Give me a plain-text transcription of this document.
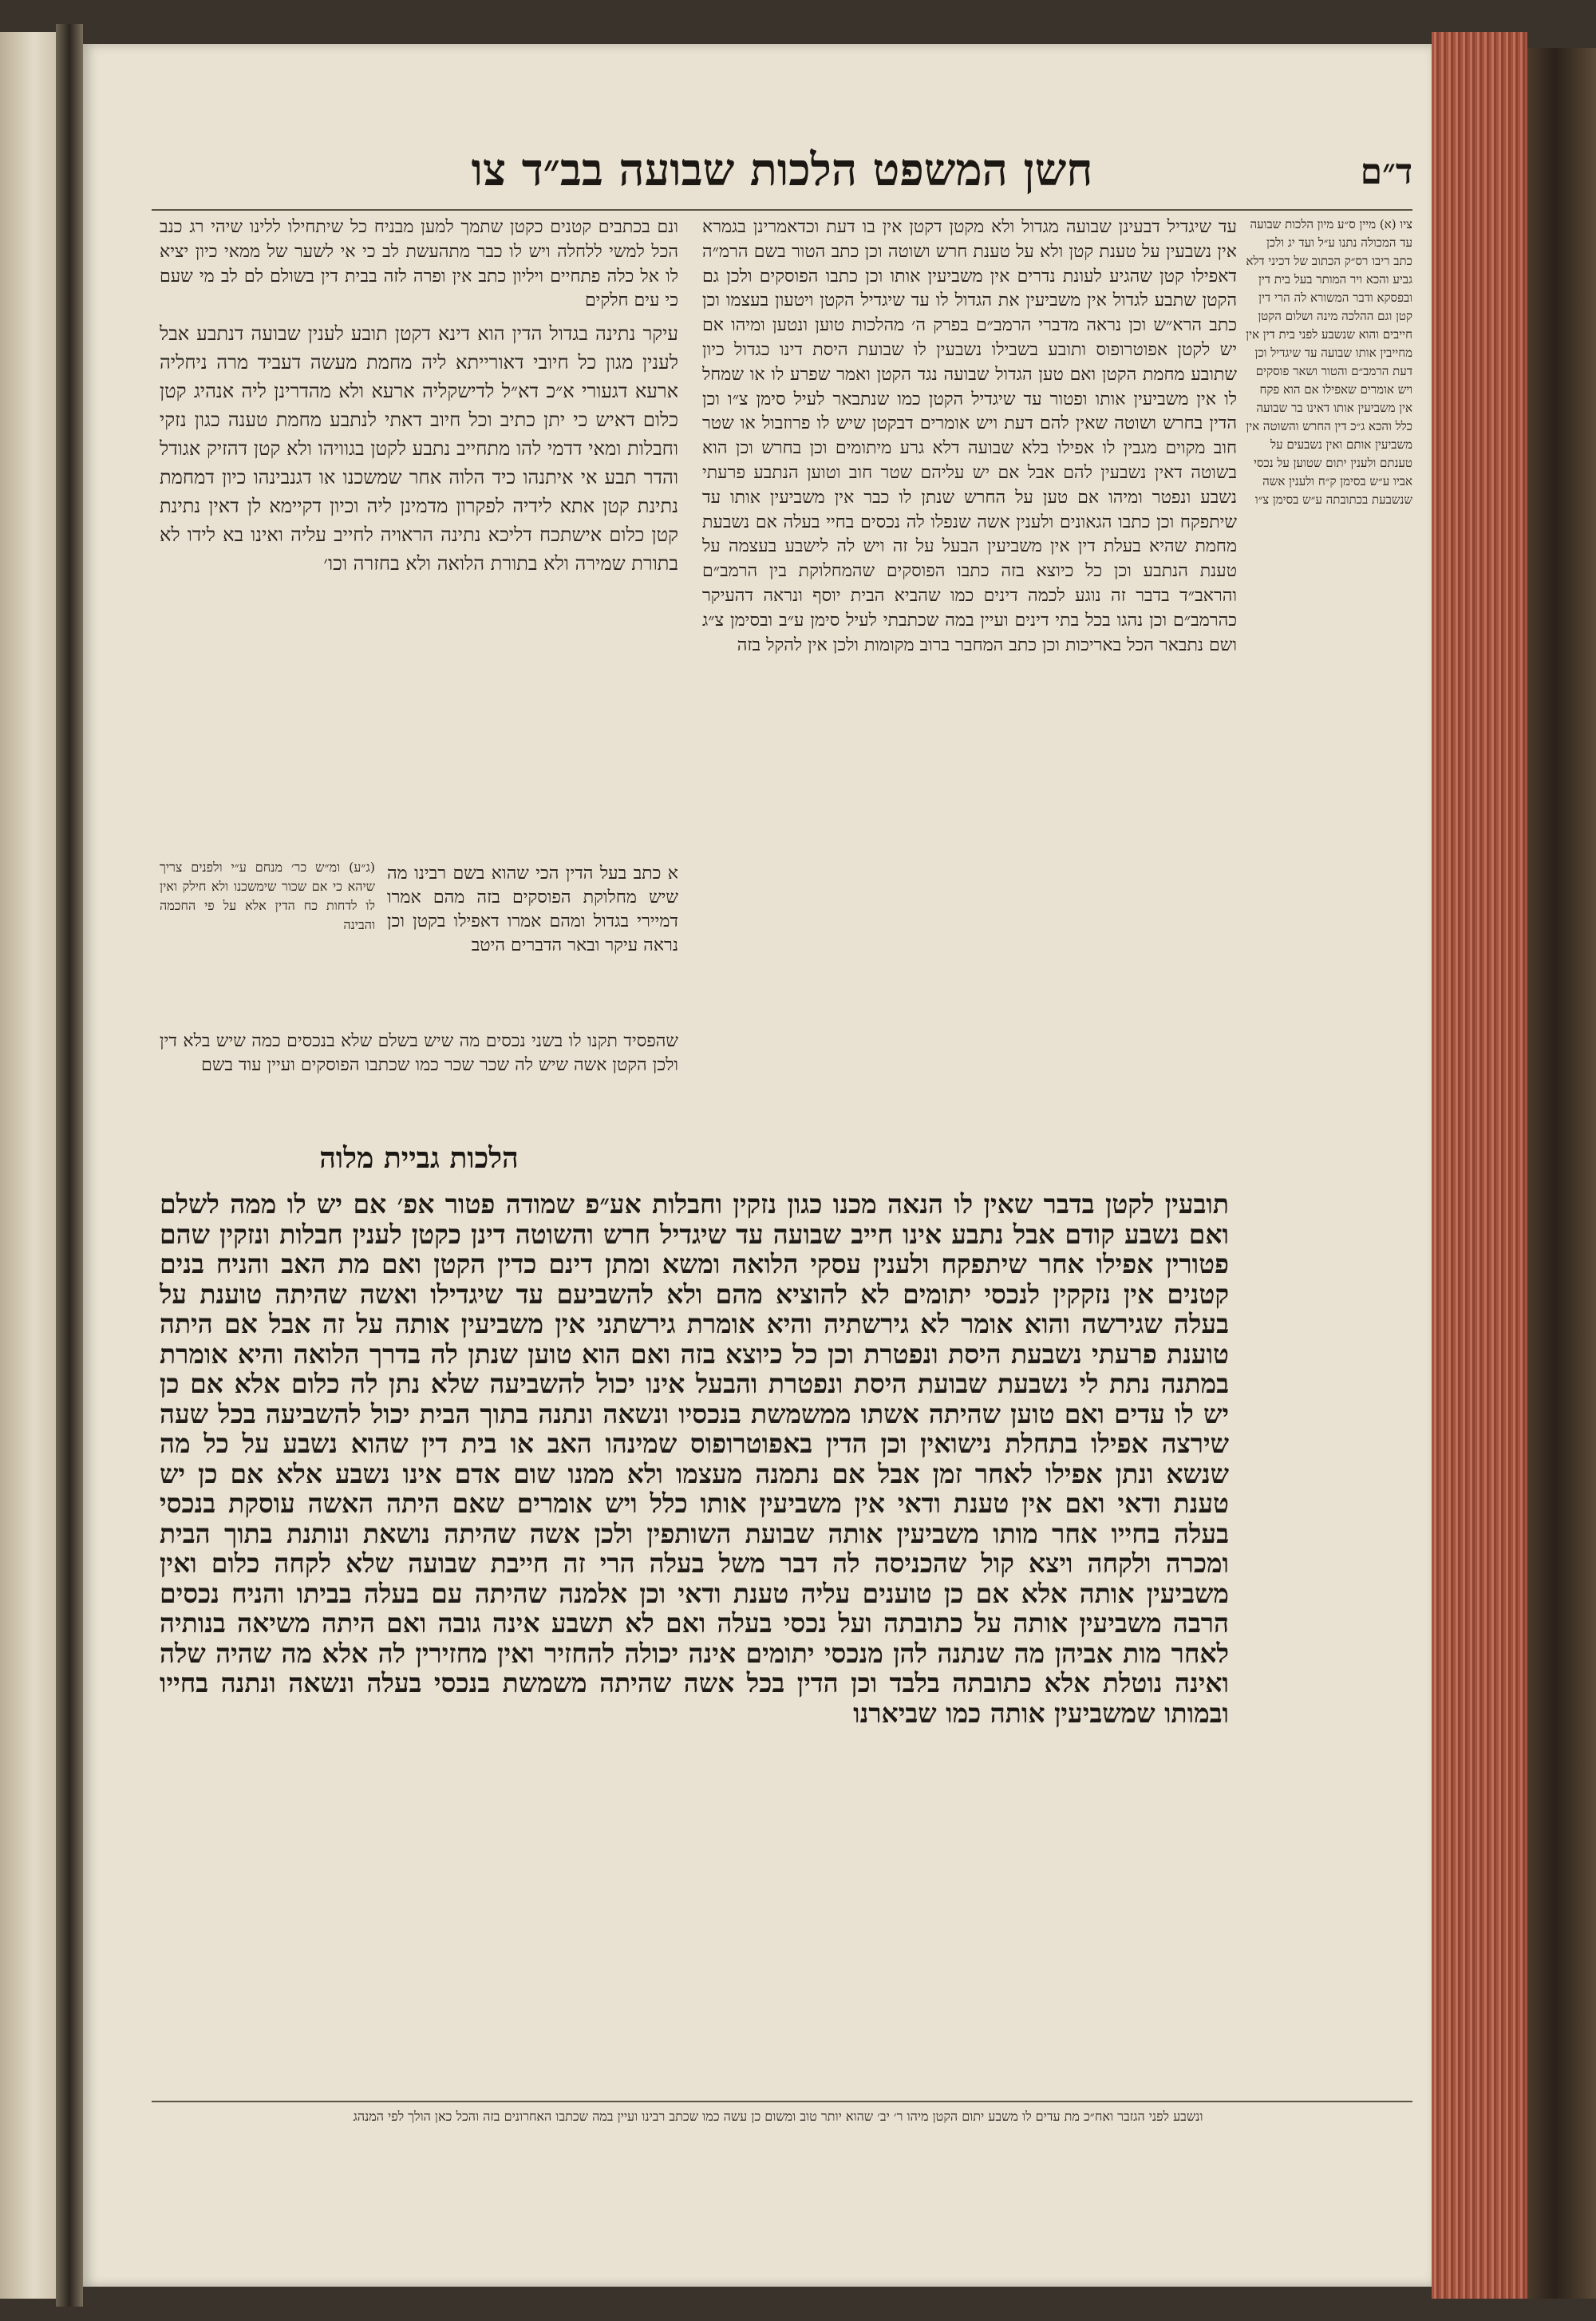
ד״ם
חשן המשפט הלכות שבועה בב״ד צו

ציו (א) מיין ס״ע מיון הלכות שבועה עד המכולה נתנו ע״ל ועד יג ולכן כתב ריבו רס״ק הכתוב של דכיני דלא גביע והכא ויר המותר בעל בית דין ובפסקא ודבר המשורא לה הרי דין קטן וגם ההלכה מינה ושלום הקטן חייבים והוא שנשבע לפני בית דין אין מחייבין אותו שבועה עד שיגדיל וכן דעת הרמב״ם והטור ושאר פוסקים ויש אומרים שאפילו אם הוא פקח אין משביעין אותו דאינו בר שבועה כלל והכא ג״כ דין החרש והשוטה אין משביעין אותם ואין נשבעים על טענתם ולענין יתום שטוען על נכסי אביו ע״ש בסימן ק״ח ולענין אשה שנשבעת בכתובתה ע״ש בסימן צ״ו

עד שיגדיל דבעינן שבועה מגדול ולא מקטן דקטן אין בו דעת וכדאמרינן בגמרא אין נשבעין על טענת קטן ולא על טענת חרש ושוטה וכן כתב הטור בשם הרמ״ה דאפילו קטן שהגיע לעונת נדרים אין משביעין אותו וכן כתבו הפוסקים ולכן גם הקטן שתבע לגדול אין משביעין את הגדול לו עד שיגדיל הקטן ויטעון בעצמו וכן כתב הרא״ש וכן נראה מדברי הרמב״ם בפרק ה׳ מהלכות טוען ונטען ומיהו אם יש לקטן אפוטרופוס ותובע בשבילו נשבעין לו שבועת היסת דינו כגדול כיון שתובע מחמת הקטן ואם טען הגדול שבועה נגד הקטן ואמר שפרע לו או שמחל לו אין משביעין אותו ופטור עד שיגדיל הקטן כמו שנתבאר לעיל סימן צ״ו וכן הדין בחרש ושוטה שאין להם דעת ויש אומרים דבקטן שיש לו פרוזבול או שטר חוב מקוים מגבין לו אפילו בלא שבועה דלא גרע מיתומים וכן בחרש וכן הוא בשוטה דאין נשבעין להם אבל אם יש עליהם שטר חוב וטוען הנתבע פרעתי נשבע ונפטר ומיהו אם טען על החרש שנתן לו כבר אין משביעין אותו עד שיתפקח וכן כתבו הגאונים ולענין אשה שנפלו לה נכסים בחיי בעלה אם נשבעת מחמת שהיא בעלת דין אין משביעין הבעל על זה ויש לה לישבע בעצמה על טענת הנתבע וכן כל כיוצא בזה כתבו הפוסקים שהמחלוקת בין הרמב״ם והראב״ד בדבר זה נוגע לכמה דינים כמו שהביא הבית יוסף ונראה דהעיקר כהרמב״ם וכן נהגו בכל בתי דינים ועיין במה שכתבתי לעיל סימן ע״ב ובסימן צ״ג ושם נתבאר הכל באריכות וכן כתב המחבר ברוב מקומות ולכן אין להקל בזה

ונם בכתבים קטנים כקטן שתמך למען מבניח כל שיתחילו ללינו שיהי רג כנב הכל למשי ללחלה ויש לו כבר מתהעשת לב כי אי לשער של ממאי כיון יציא לו אל כלה פתחיים ויליון כתב אין ופרה לזה בבית דין בשולם לם לב מי שעם כי עים חלקים

עיקר נתינה בגדול הדין הוא דינא דקטן תובע לענין שבועה דנתבע אבל לענין מגון כל חיובי דאורייתא ליה מחמת מעשה דעביד מרה ניחליה ארעא דגעורי א״כ דא״ל לדישקליה ארעא ולא מהדרינן ליה אנהיג קטן כלום דאיש כי יתן כתיב וכל חיוב דאתי לנתבע מחמת טענה כגון נזקי וחבלות ומאי דדמי להו מתחייב נתבע לקטן בגוויהו ולא קטן דהזיק אגודל והדר תבע אי איתנהו כיד הלוה אחר שמשכנו או דגנבינהו כיון דמחמת נתינת קטן אתא לידיה לפקרון מדמינן ליה וכיון דקיימא לן דאין נתינת קטן כלום אישתכח דליכא נתינה הראויה לחייב עליה ואינו בא לידו לא בתורת שמירה ולא בתורת הלואה ולא בחזרה וכו׳

(ג״ע) ומ״ש כר׳ מנחם ע״י ולפנים צריך שיהא כי אם שכור שימשכנו ולא חילק ואין לו לדחות כח הדין אלא על פי החכמה והבינה

א כתב בעל הדין הכי שהוא בשם רבינו מה שיש מחלוקת הפוסקים בזה מהם אמרו דמיירי בגדול ומהם אמרו דאפילו בקטן וכן נראה עיקר ובאר הדברים היטב

שהפסיד תקנו לו בשני נכסים מה שיש בשלם שלא בנכסים כמה שיש בלא דין ולכן הקטן אשה שיש לה שכר שכר כמו שכתבו הפוסקים ועיין עוד בשם

הלכות גביית מלוה

תובעין לקטן בדבר שאין לו הנאה מכנו כגון נזקין וחבלות אע״פ שמודה פטור אפ׳ אם יש לו ממה לשלם ואם נשבע קודם אבל נתבע אינו חייב שבועה עד שיגדיל חרש והשוטה דינן כקטן לענין חבלות ונזקין שהם פטורין אפילו אחר שיתפקח ולענין עסקי הלואה ומשא ומתן דינם כדין הקטן ואם מת האב והניח בנים קטנים אין נזקקין לנכסי יתומים לא להוציא מהם ולא להשביעם עד שיגדילו ואשה שהיתה טוענת על בעלה שגירשה והוא אומר לא גירשתיה והיא אומרת גירשתני אין משביעין אותה על זה אבל אם היתה טוענת פרעתי נשבעת היסת ונפטרת וכן כל כיוצא בזה ואם הוא טוען שנתן לה בדרך הלואה והיא אומרת במתנה נתת לי נשבעת שבועת היסת ונפטרת והבעל אינו יכול להשביעה שלא נתן לה כלום אלא אם כן יש לו עדים ואם טוען שהיתה אשתו ממשמשת בנכסיו ונשאה ונתנה בתוך הבית יכול להשביעה בכל שעה שירצה אפילו בתחלת נישואין וכן הדין באפוטרופוס שמינהו האב או בית דין שהוא נשבע על כל מה שנשא ונתן אפילו לאחר זמן אבל אם נתמנה מעצמו ולא ממנו שום אדם אינו נשבע אלא אם כן יש טענת ודאי ואם אין טענת ודאי אין משביעין אותו כלל ויש אומרים שאם היתה האשה עוסקת בנכסי בעלה בחייו אחר מותו משביעין אותה שבועת השותפין ולכן אשה שהיתה נושאת ונותנת בתוך הבית ומכרה ולקחה ויצא קול שהכניסה לה דבר משל בעלה הרי זה חייבת שבועה שלא לקחה כלום ואין משביעין אותה אלא אם כן טוענים עליה טענת ודאי וכן אלמנה שהיתה עם בעלה בביתו והניח נכסים הרבה משביעין אותה על כתובתה ועל נכסי בעלה ואם לא תשבע אינה גובה ואם היתה משיאה בנותיה לאחר מות אביהן מה שנתנה להן מנכסי יתומים אינה יכולה להחזיר ואין מחזירין לה אלא מה שהיה שלה ואינה נוטלת אלא כתובתה בלבד וכן הדין בכל אשה שהיתה משמשת בנכסי בעלה ונשאה ונתנה בחייו ובמותו שמשביעין אותה כמו שביארנו

ונשבע לפני הגזבר ואח״כ מת עדים לו משבע יתום הקטן מיהו ר׳ יב׳ שהוא יותר טוב ומשום כן עשה כמו שכתב רבינו ועיין במה שכתבו האחרונים בזה והכל כאן הולך לפי המנהג
